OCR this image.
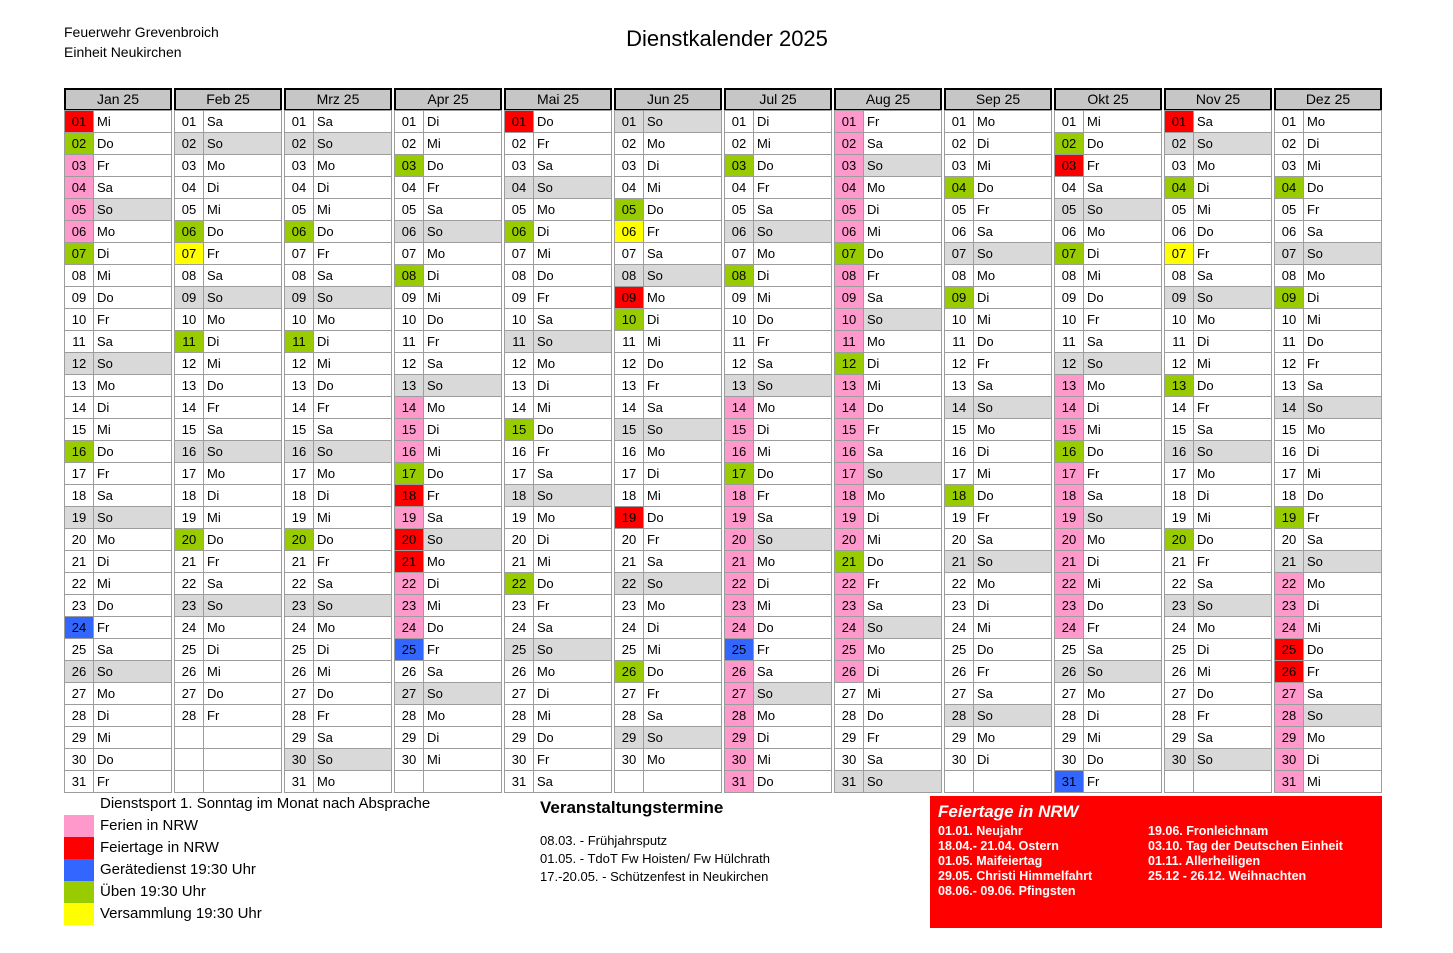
Feuerwehr Grevenbroich
Einheit Neukirchen
Dienstkalender 2025
Jan 25
01 Mi
02 Do
03 Fr
04 Sa
05 So
06 Mo
07 Di
08 Mi
09 Do
10 Fr
11 Sa
12 So
13 Mo
14 Di
15 Mi
16 Do
17 Fr
18 Sa
19 So
20 Mo
21 Di
22 Mi
23 Do
24 Fr
25 Sa
26 So
27 Mo
28 Di
29 Mi
30 Do
31 Fr
Feb 25
01 Sa
02 So
03 Mo
04 Di
05 Mi
06 Do
07 Fr
08 Sa
09 So
10 Mo
11 Di
12 Mi
13 Do
14 Fr
15 Sa
16 So
17 Mo
18 Di
19 Mi
20 Do
21 Fr
22 Sa
23 So
24 Mo
25 Di
26 Mi
27 Do
28 Fr
Mrz 25
01 Sa
02 So
03 Mo
04 Di
05 Mi
06 Do
07 Fr
08 Sa
09 So
10 Mo
11 Di
12 Mi
13 Do
14 Fr
15 Sa
16 So
17 Mo
18 Di
19 Mi
20 Do
21 Fr
22 Sa
23 So
24 Mo
25 Di
26 Mi
27 Do
28 Fr
29 Sa
30 So
31 Mo
Apr 25
01 Di
02 Mi
03 Do
04 Fr
05 Sa
06 So
07 Mo
08 Di
09 Mi
10 Do
11 Fr
12 Sa
13 So
14 Mo
15 Di
16 Mi
17 Do
18 Fr
19 Sa
20 So
21 Mo
22 Di
23 Mi
24 Do
25 Fr
26 Sa
27 So
28 Mo
29 Di
30 Mi
Mai 25
01 Do
02 Fr
03 Sa
04 So
05 Mo
06 Di
07 Mi
08 Do
09 Fr
10 Sa
11 So
12 Mo
13 Di
14 Mi
15 Do
16 Fr
17 Sa
18 So
19 Mo
20 Di
21 Mi
22 Do
23 Fr
24 Sa
25 So
26 Mo
27 Di
28 Mi
29 Do
30 Fr
31 Sa
Jun 25
01 So
02 Mo
03 Di
04 Mi
05 Do
06 Fr
07 Sa
08 So
09 Mo
10 Di
11 Mi
12 Do
13 Fr
14 Sa
15 So
16 Mo
17 Di
18 Mi
19 Do
20 Fr
21 Sa
22 So
23 Mo
24 Di
25 Mi
26 Do
27 Fr
28 Sa
29 So
30 Mo
Jul 25
01 Di
02 Mi
03 Do
04 Fr
05 Sa
06 So
07 Mo
08 Di
09 Mi
10 Do
11 Fr
12 Sa
13 So
14 Mo
15 Di
16 Mi
17 Do
18 Fr
19 Sa
20 So
21 Mo
22 Di
23 Mi
24 Do
25 Fr
26 Sa
27 So
28 Mo
29 Di
30 Mi
31 Do
Aug 25
01 Fr
02 Sa
03 So
04 Mo
05 Di
06 Mi
07 Do
08 Fr
09 Sa
10 So
11 Mo
12 Di
13 Mi
14 Do
15 Fr
16 Sa
17 So
18 Mo
19 Di
20 Mi
21 Do
22 Fr
23 Sa
24 So
25 Mo
26 Di
27 Mi
28 Do
29 Fr
30 Sa
31 So
Sep 25
01 Mo
02 Di
03 Mi
04 Do
05 Fr
06 Sa
07 So
08 Mo
09 Di
10 Mi
11 Do
12 Fr
13 Sa
14 So
15 Mo
16 Di
17 Mi
18 Do
19 Fr
20 Sa
21 So
22 Mo
23 Di
24 Mi
25 Do
26 Fr
27 Sa
28 So
29 Mo
30 Di
Okt 25
01 Mi
02 Do
03 Fr
04 Sa
05 So
06 Mo
07 Di
08 Mi
09 Do
10 Fr
11 Sa
12 So
13 Mo
14 Di
15 Mi
16 Do
17 Fr
18 Sa
19 So
20 Mo
21 Di
22 Mi
23 Do
24 Fr
25 Sa
26 So
27 Mo
28 Di
29 Mi
30 Do
31 Fr
Nov 25
01 Sa
02 So
03 Mo
04 Di
05 Mi
06 Do
07 Fr
08 Sa
09 So
10 Mo
11 Di
12 Mi
13 Do
14 Fr
15 Sa
16 So
17 Mo
18 Di
19 Mi
20 Do
21 Fr
22 Sa
23 So
24 Mo
25 Di
26 Mi
27 Do
28 Fr
29 Sa
30 So
Dez 25
01 Mo
02 Di
03 Mi
04 Do
05 Fr
06 Sa
07 So
08 Mo
09 Di
10 Mi
11 Do
12 Fr
13 Sa
14 So
15 Mo
16 Di
17 Mi
18 Do
19 Fr
20 Sa
21 So
22 Mo
23 Di
24 Mi
25 Do
26 Fr
27 Sa
28 So
29 Mo
30 Di
31 Mi
Dienstsport 1. Sonntag im Monat nach Absprache
Ferien in NRW
Feiertage in NRW
Gerätedienst 19:30 Uhr
Üben 19:30 Uhr
Versammlung 19:30 Uhr
Veranstaltungstermine
08.03. - Frühjahrsputz
01.05. - TdoT Fw Hoisten/ Fw Hülchrath
17.-20.05. - Schützenfest in Neukirchen
Feiertage in NRW
01.01. Neujahr
18.04.- 21.04. Ostern
01.05. Maifeiertag
29.05. Christi Himmelfahrt
08.06.- 09.06. Pfingsten
19.06. Fronleichnam
03.10. Tag der Deutschen Einheit
01.11. Allerheiligen
25.12 - 26.12. Weihnachten
